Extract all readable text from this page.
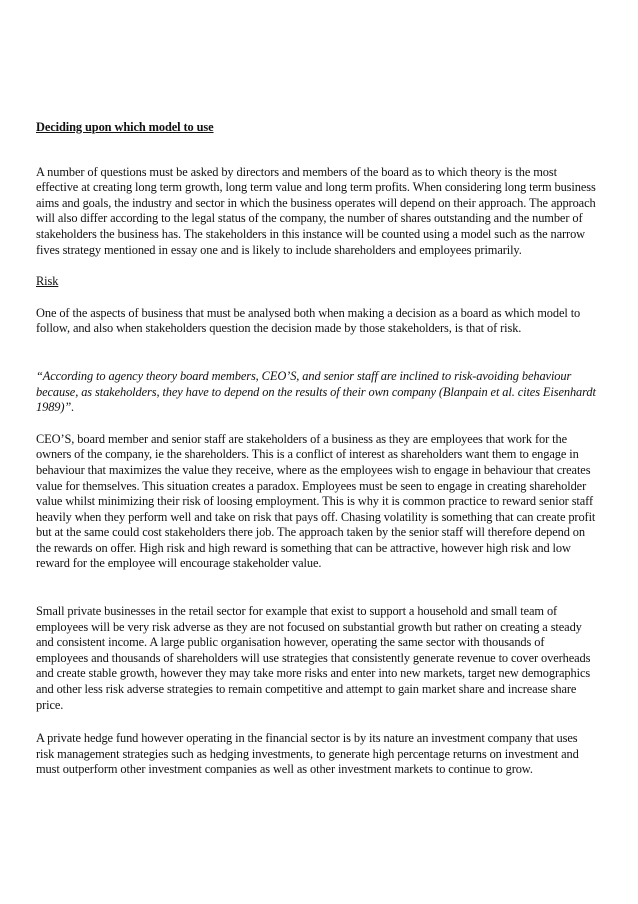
Deciding upon which model to use

A number of questions must be asked by directors and members of the board as to which theory is the most effective at creating long term growth, long term value and long term profits. When considering long term business aims and goals, the industry and sector in which the business operates will depend on their approach. The approach will also differ according to the legal status of the company, the number of shares outstanding and the number of stakeholders the business has. The stakeholders in this instance will be counted using a model such as the narrow fives strategy mentioned in essay one and is likely to include shareholders and employees primarily.

Risk

One of the aspects of business that must be analysed both when making a decision as a board as which model to follow, and also when stakeholders question the decision made by those stakeholders, is that of risk.

“According to agency theory board members, CEO’S, and senior staff are inclined to risk-avoiding behaviour because, as stakeholders, they have to depend on the results of their own company (Blanpain et al. cites Eisenhardt 1989)”.

CEO’S, board member and senior staff are stakeholders of a business as they are employees that work for the owners of the company, ie the shareholders. This is a conflict of interest as shareholders want them to engage in behaviour that maximizes the value they receive, where as the employees wish to engage in behaviour that creates value for themselves. This situation creates a paradox. Employees must be seen to engage in creating shareholder value whilst minimizing their risk of loosing employment. This is why it is common practice to reward senior staff heavily when they perform well and take on risk that pays off. Chasing volatility is something that can create profit but at the same could cost stakeholders there job. The approach taken by the senior staff will therefore depend on the rewards on offer. High risk and high reward is something that can be attractive, however high risk and low reward for the employee will encourage stakeholder value.

Small private businesses in the retail sector for example that exist to support a household and small team of employees will be very risk adverse as they are not focused on substantial growth but rather on creating a steady and consistent income. A large public organisation however, operating the same sector with thousands of employees and thousands of shareholders will use strategies that consistently generate revenue to cover overheads and create stable growth, however they may take more risks and enter into new markets, target new demographics and other less risk adverse strategies to remain competitive and attempt to gain market share and increase share price.

A private hedge fund however operating in the financial sector is by its nature an investment company that uses risk management strategies such as hedging investments, to generate high percentage returns on investment and must outperform other investment companies as well as other investment markets to continue to grow.
